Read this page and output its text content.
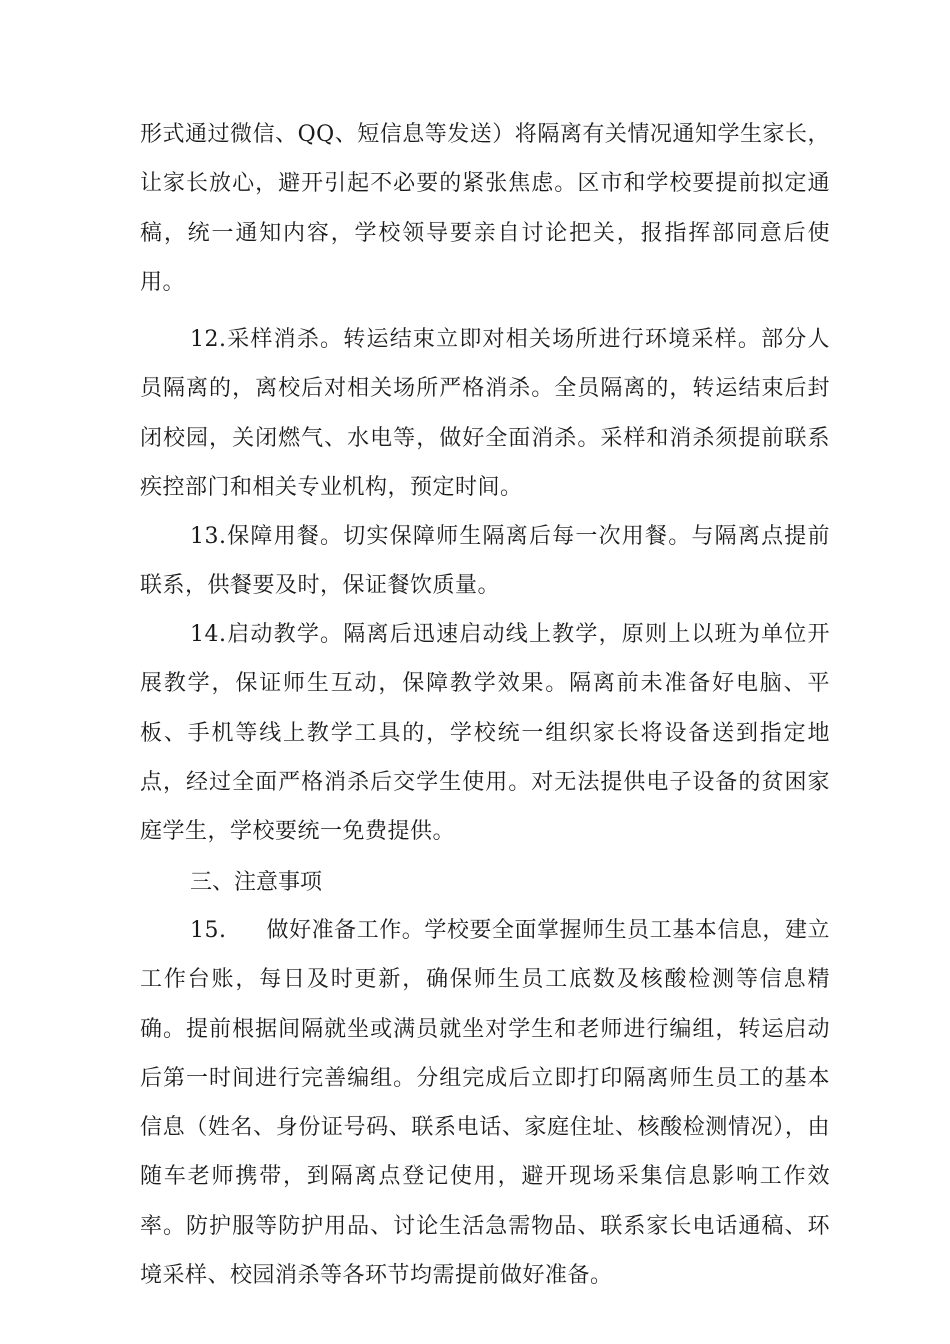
形式通过微信、QQ、短信息等发送）将隔离有关情况通知学生家长，让家长放心，避开引起不必要的紧张焦虑。区市和学校要提前拟定通稿，统一通知内容，学校领导要亲自讨论把关，报指挥部同意后使用。

12.采样消杀。转运结束立即对相关场所进行环境采样。部分人员隔离的，离校后对相关场所严格消杀。全员隔离的，转运结束后封闭校园，关闭燃气、水电等，做好全面消杀。采样和消杀须提前联系疾控部门和相关专业机构，预定时间。

13.保障用餐。切实保障师生隔离后每一次用餐。与隔离点提前联系，供餐要及时，保证餐饮质量。

14.启动教学。隔离后迅速启动线上教学，原则上以班为单位开展教学，保证师生互动，保障教学效果。隔离前未准备好电脑、平板、手机等线上教学工具的，学校统一组织家长将设备送到指定地点，经过全面严格消杀后交学生使用。对无法提供电子设备的贫困家庭学生，学校要统一免费提供。

三、注意事项

15. 做好准备工作。学校要全面掌握师生员工基本信息，建立工作台账，每日及时更新，确保师生员工底数及核酸检测等信息精确。提前根据间隔就坐或满员就坐对学生和老师进行编组，转运启动后第一时间进行完善编组。分组完成后立即打印隔离师生员工的基本信息（姓名、身份证号码、联系电话、家庭住址、核酸检测情况），由随车老师携带，到隔离点登记使用，避开现场采集信息影响工作效率。防护服等防护用品、讨论生活急需物品、联系家长电话通稿、环境采样、校园消杀等各环节均需提前做好准备。
